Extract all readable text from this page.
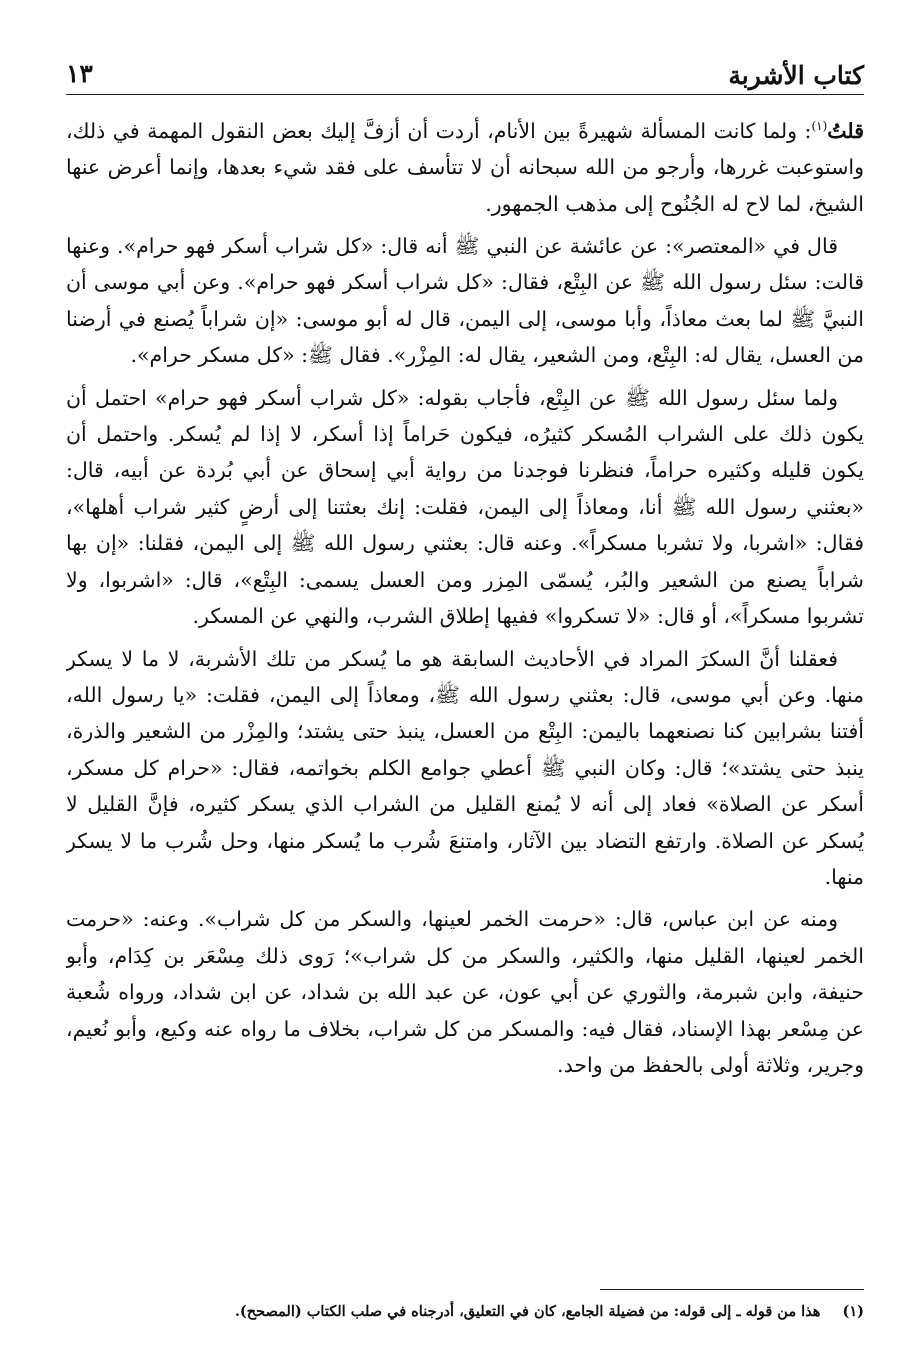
كتاب الأشربة
١٣

قلتُ$^{(١)}$: ولما كانت المسألة شهيرةً بين الأنام، أردت أن أزفَّ إليك بعض النقول المهمة في ذلك، واستوعبت غررها، وأرجو من الله سبحانه أن لا تتأسف على فقد شيء بعدها، وإنما أعرض عنها الشيخ، لما لاح له الجُنُوح إلى مذهب الجمهور.

قال في «المعتصر»: عن عائشة عن النبي ﷺ أنه قال: «كل شراب أسكر فهو حرام». وعنها قالت: سئل رسول الله ﷺ عن البِتْع، فقال: «كل شراب أسكر فهو حرام». وعن أبي موسى أن النبيَّ ﷺ لما بعث معاذاً، وأبا موسى، إلى اليمن، قال له أبو موسى: «إن شراباً يُصنع في أرضنا من العسل، يقال له: البِتْع، ومن الشعير، يقال له: المِزْر». فقال ﷺ: «كل مسكر حرام».

ولما سئل رسول الله ﷺ عن البِتْع، فأجاب بقوله: «كل شراب أسكر فهو حرام» احتمل أن يكون ذلك على الشراب المُسكر كثيرُه، فيكون حَراماً إذا أسكر، لا إذا لم يُسكر. واحتمل أن يكون قليله وكثيره حراماً، فنظرنا فوجدنا من رواية أبي إسحاق عن أبي بُردة عن أبيه، قال: «بعثني رسول الله ﷺ أنا، ومعاذاً إلى اليمن، فقلت: إنك بعثتنا إلى أرضٍ كثير شراب أهلها»، فقال: «اشربا، ولا تشربا مسكراً». وعنه قال: بعثني رسول الله ﷺ إلى اليمن، فقلنا: «إن بها شراباً يصنع من الشعير والبُر، يُسمّى المِزر ومن العسل يسمى: البِتْع»، قال: «اشربوا، ولا تشربوا مسكراً»، أو قال: «لا تسكروا» ففيها إطلاق الشرب، والنهي عن المسكر.

فعقلنا أنَّ السكرَ المراد في الأحاديث السابقة هو ما يُسكر من تلك الأشربة، لا ما لا يسكر منها. وعن أبي موسى، قال: بعثني رسول الله ﷺ، ومعاذاً إلى اليمن، فقلت: «يا رسول الله، أفتنا بشرابين كنا نصنعهما باليمن: البِتْع من العسل، ينبذ حتى يشتد؛ والمِزْر من الشعير والذرة، ينبذ حتى يشتد»؛ قال: وكان النبي ﷺ أعطي جوامع الكلم بخواتمه، فقال: «حرام كل مسكر، أسكر عن الصلاة» فعاد إلى أنه لا يُمنع القليل من الشراب الذي يسكر كثيره، فإنَّ القليل لا يُسكر عن الصلاة. وارتفع التضاد بين الآثار، وامتنعَ شُرب ما يُسكر منها، وحل شُرب ما لا يسكر منها.

ومنه عن ابن عباس، قال: «حرمت الخمر لعينها، والسكر من كل شراب». وعنه: «حرمت الخمر لعينها، القليل منها، والكثير، والسكر من كل شراب»؛ رَوى ذلك مِسْعَر بن كِدَام، وأبو حنيفة، وابن شبرمة، والثوري عن أبي عون، عن عبد الله بن شداد، عن ابن شداد، ورواه شُعبة عن مِسْعر بهذا الإسناد، فقال فيه: والمسكر من كل شراب، بخلاف ما رواه عنه وكيع، وأبو نُعيم، وجرير، وثلاثة أولى بالحفظ من واحد.

(١)هذا من قوله ـ إلى قوله: من فضيلة الجامع، كان في التعليق، أدرجناه في صلب الكتاب (المصحح).
